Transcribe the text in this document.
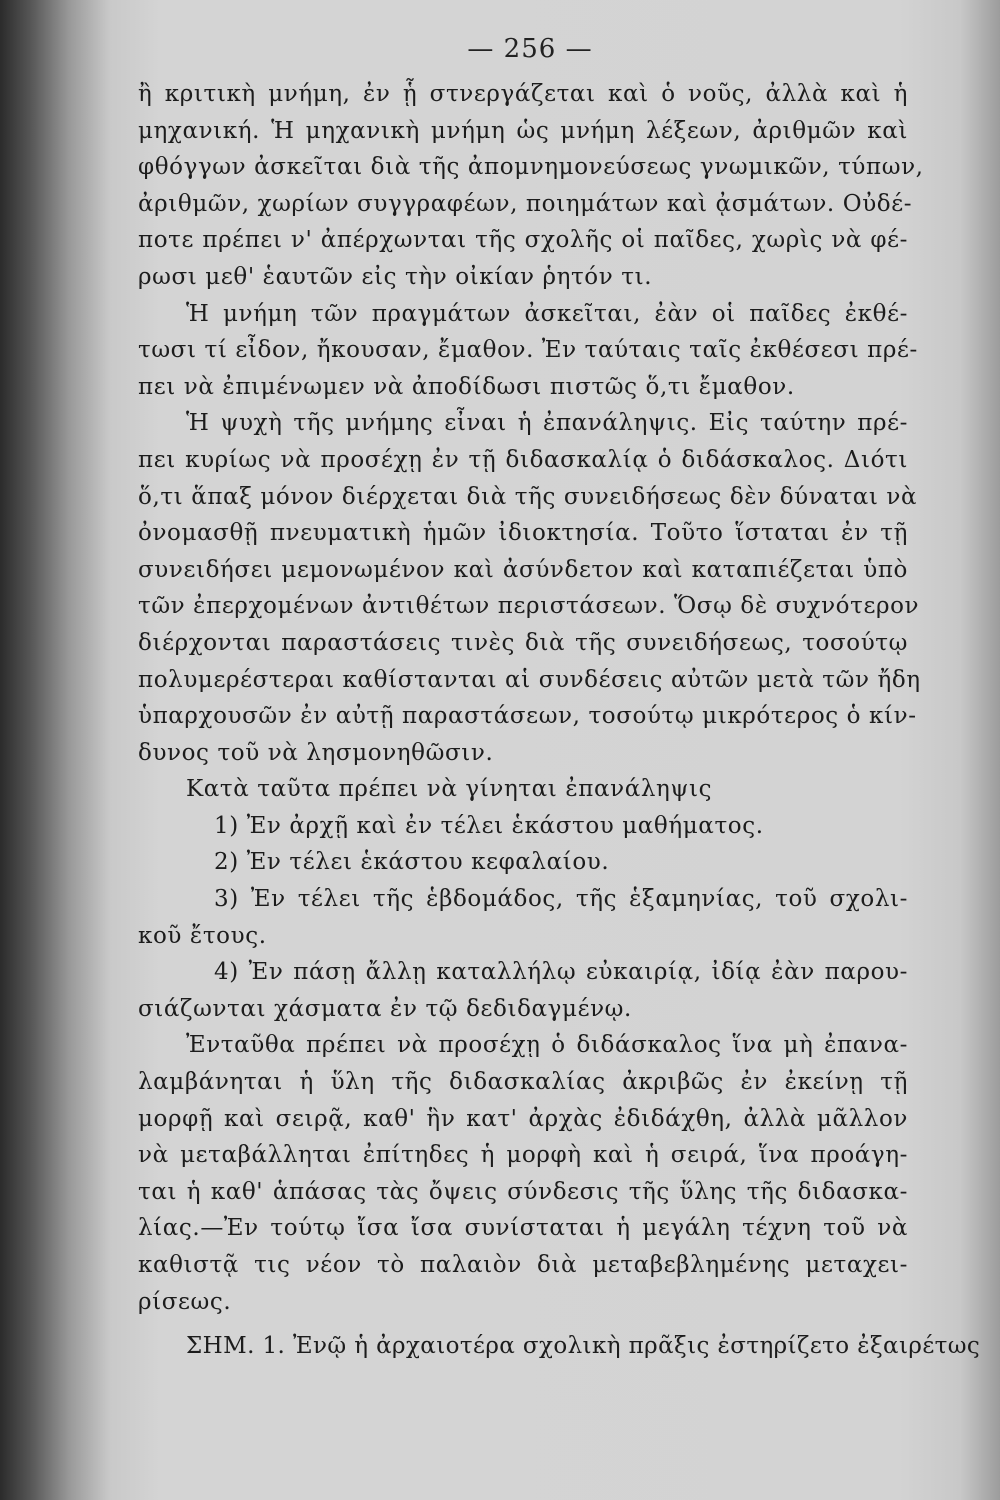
— 256 —
ἢ κριτικὴ μνήμη, ἐν ᾗ στνεργάζεται καὶ ὁ νοῦς, ἀλλὰ καὶ ἡ
μηχανική. Ἡ μηχανικὴ μνήμη ὡς μνήμη λέξεων, ἀριθμῶν καὶ
φθόγγων ἀσκεῖται διὰ τῆς ἀπομνημονεύσεως γνωμικῶν, τύπων,
ἀριθμῶν, χωρίων συγγραφέων, ποιημάτων καὶ ᾀσμάτων. Οὐδέ-
ποτε πρέπει ν' ἀπέρχωνται τῆς σχολῆς οἱ παῖδες, χωρὶς νὰ φέ-
ρωσι μεθ' ἑαυτῶν εἰς τὴν οἰκίαν ῥητόν τι.
Ἡ μνήμη τῶν πραγμάτων ἀσκεῖται, ἐὰν οἱ παῖδες ἐκθέ-
τωσι τί εἶδον, ἤκουσαν, ἔμαθον. Ἐν ταύταις ταῖς ἐκθέσεσι πρέ-
πει νὰ ἐπιμένωμεν νὰ ἀποδίδωσι πιστῶς ὅ,τι ἔμαθον.
Ἡ ψυχὴ τῆς μνήμης εἶναι ἡ ἐπανάληψις. Εἰς ταύτην πρέ-
πει κυρίως νὰ προσέχῃ ἐν τῇ διδασκαλίᾳ ὁ διδάσκαλος. Διότι
ὅ,τι ἅπαξ μόνον διέρχεται διὰ τῆς συνειδήσεως δὲν δύναται νὰ
ὀνομασθῇ πνευματικὴ ἡμῶν ἰδιοκτησία. Τοῦτο ἵσταται ἐν τῇ
συνειδήσει μεμονωμένον καὶ ἀσύνδετον καὶ καταπιέζεται ὑπὸ
τῶν ἐπερχομένων ἀντιθέτων περιστάσεων. Ὅσῳ δὲ συχνότερον
διέρχονται παραστάσεις τινὲς διὰ τῆς συνειδήσεως, τοσούτῳ
πολυμερέστεραι καθίστανται αἱ συνδέσεις αὐτῶν μετὰ τῶν ἤδη
ὑπαρχουσῶν ἐν αὐτῇ παραστάσεων, τοσούτῳ μικρότερος ὁ κίν-
δυνος τοῦ νὰ λησμονηθῶσιν.
Κατὰ ταῦτα πρέπει νὰ γίνηται ἐπανάληψις
1) Ἐν ἀρχῇ καὶ ἐν τέλει ἑκάστου μαθήματος.
2) Ἐν τέλει ἑκάστου κεφαλαίου.
3) Ἐν τέλει τῆς ἑβδομάδος, τῆς ἑξαμηνίας, τοῦ σχολι-
κοῦ ἔτους.
4) Ἐν πάσῃ ἄλλῃ καταλλήλῳ εὐκαιρίᾳ, ἰδίᾳ ἐὰν παρου-
σιάζωνται χάσματα ἐν τῷ δεδιδαγμένῳ.
Ἐνταῦθα πρέπει νὰ προσέχῃ ὁ διδάσκαλος ἵνα μὴ ἐπανα-
λαμβάνηται ἡ ὕλη τῆς διδασκαλίας ἀκριβῶς ἐν ἐκείνῃ τῇ
μορφῇ καὶ σειρᾷ, καθ' ἣν κατ' ἀρχὰς ἐδιδάχθη, ἀλλὰ μᾶλλον
νὰ μεταβάλληται ἐπίτηδες ἡ μορφὴ καὶ ἡ σειρά, ἵνα προάγη-
ται ἡ καθ' ἁπάσας τὰς ὄψεις σύνδεσις τῆς ὕλης τῆς διδασκα-
λίας.—Ἐν τούτῳ ἴσα ἴσα συνίσταται ἡ μεγάλη τέχνη τοῦ νὰ
καθιστᾷ τις νέον τὸ παλαιὸν διὰ μεταβεβλημένης μεταχει-
ρίσεως.
ΣΗΜ. 1. Ἐνῷ ἡ ἀρχαιοτέρα σχολικὴ πρᾶξις ἐστηρίζετο ἐξαιρέτως
